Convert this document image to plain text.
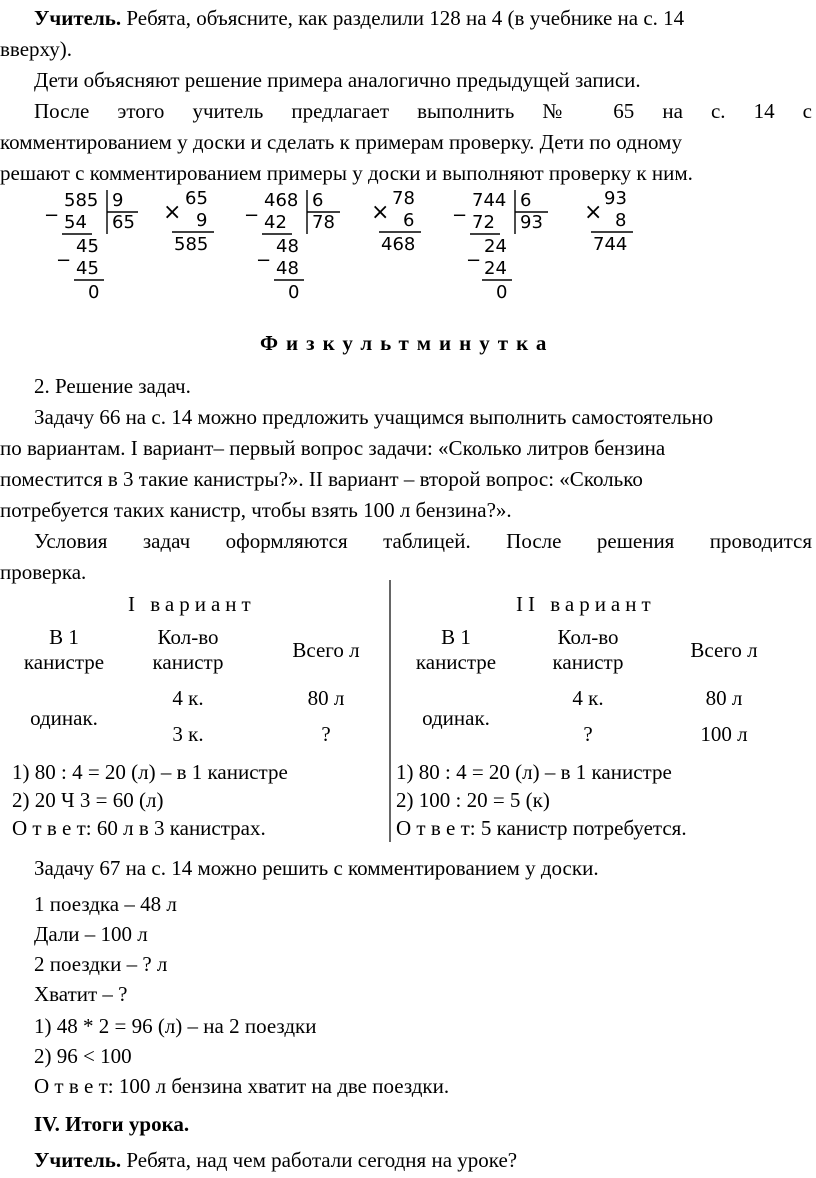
Учитель. Ребята, объясните, как разделили 128 на 4 (в учебнике на с. 14
вверху).
Дети объясняют решение примера аналогично предыдущей записи.
После этого учитель предлагает выполнить № 65 на с. 14 с
комментированием у доски и сделать к примерам проверку. Дети по одному
решают с комментированием примеры у доски и выполняют проверку к ним.
−
585 9
65
54
−
45
45
0
×
65
9
585
−
468 6
78
42
−
48
48
0
×
78
6
468
−
744 6
93
72
−
24
24
0
×
93
8
744
Физкультминутка
2. Решение задач.
Задачу 66 на с. 14 можно предложить учащимся выполнить самостоятельно
по вариантам. I вариант– первый вопрос задачи: «Сколько литров бензина
поместится в 3 такие канистры?». II вариант – второй вопрос: «Сколько
потребуется таких канистр, чтобы взять 100 л бензина?».
Условия задач оформляются таблицей. После решения проводится
проверка.
I вариант
В 1
канистре
Кол-во
канистр	Всего л
одинак.
4 к.
3 к.
80 л
?
1) 80 : 4 = 20 (л) – в 1 канистре
2) 20 Ч 3 = 60 (л)
О т в е т: 60 л в 3 канистрах.
II вариант
В 1
канистре
Кол-во
канистр	Всего л
одинак.
4 к.
?
80 л
100 л
1) 80 : 4 = 20 (л) – в 1 канистре
2) 100 : 20 = 5 (к)
О т в е т: 5 канистр потребуется.
Задачу 67 на с. 14 можно решить с комментированием у доски.
1 поездка – 48 л
Дали – 100 л
2 поездки – ? л
Хватит – ?
1) 48 * 2 = 96 (л) – на 2 поездки
2) 96 < 100
О т в е т: 100 л бензина хватит на две поездки.
IV. Итоги урока.
Учитель. Ребята, над чем работали сегодня на уроке?
